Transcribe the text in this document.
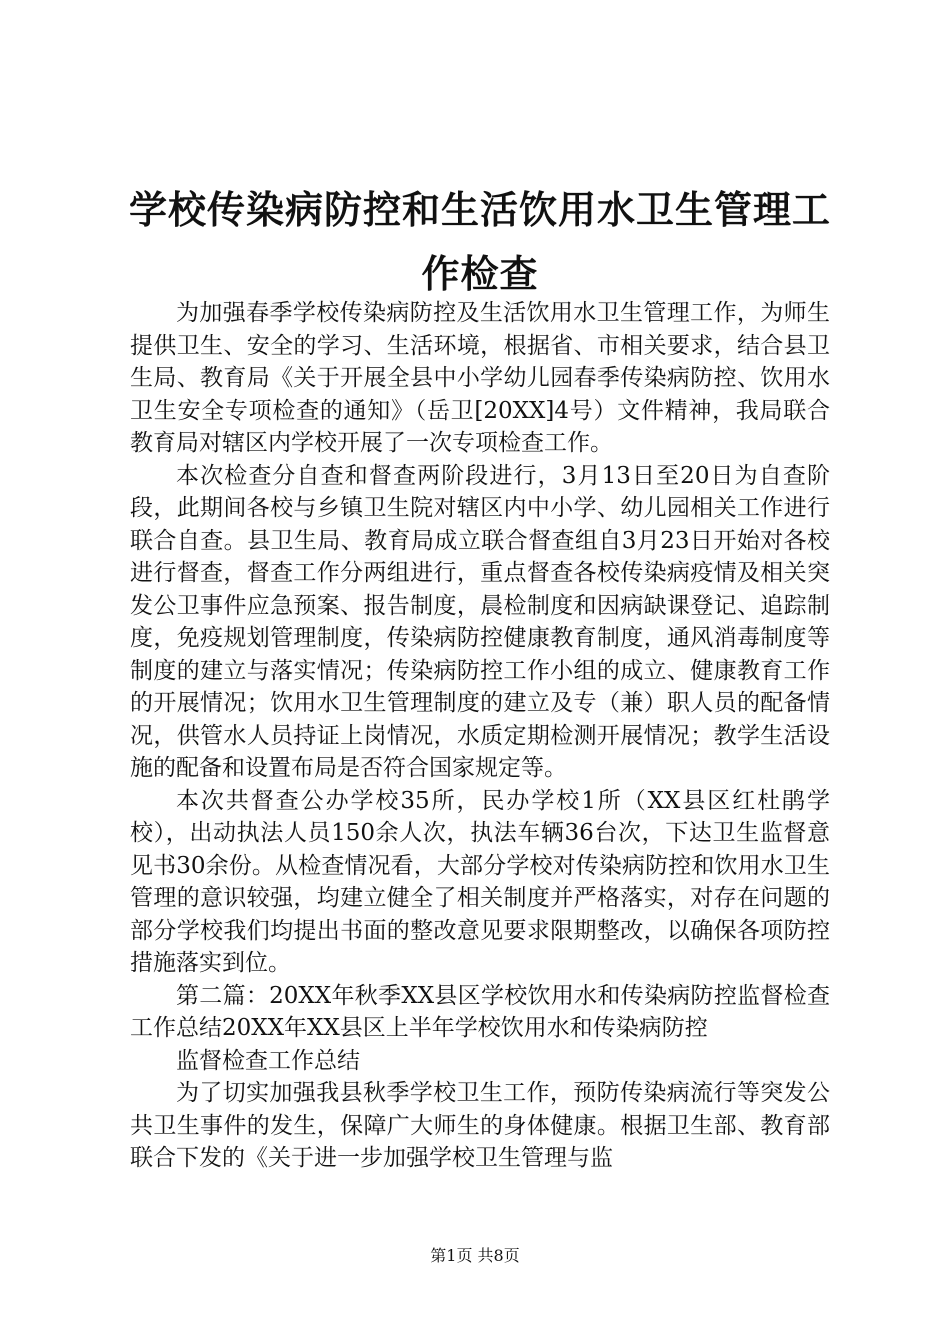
学校传染病防控和生活饮用水卫生管理工作检查

为加强春季学校传染病防控及生活饮用水卫生管理工作，为师生提供卫生、安全的学习、生活环境，根据省、市相关要求，结合县卫生局、教育局《关于开展全县中小学幼儿园春季传染病防控、饮用水卫生安全专项检查的通知》（岳卫[20XX]4号）文件精神，我局联合教育局对辖区内学校开展了一次专项检查工作。

本次检查分自查和督查两阶段进行，3月13日至20日为自查阶段，此期间各校与乡镇卫生院对辖区内中小学、幼儿园相关工作进行联合自查。县卫生局、教育局成立联合督查组自3月23日开始对各校进行督查，督查工作分两组进行，重点督查各校传染病疫情及相关突发公卫事件应急预案、报告制度，晨检制度和因病缺课登记、追踪制度，免疫规划管理制度，传染病防控健康教育制度，通风消毒制度等制度的建立与落实情况；传染病防控工作小组的成立、健康教育工作的开展情况；饮用水卫生管理制度的建立及专（兼）职人员的配备情况，供管水人员持证上岗情况，水质定期检测开展情况；教学生活设施的配备和设置布局是否符合国家规定等。

本次共督查公办学校35所，民办学校1所（XX县区红杜鹃学校），出动执法人员150余人次，执法车辆36台次，下达卫生监督意见书30余份。从检查情况看，大部分学校对传染病防控和饮用水卫生管理的意识较强，均建立健全了相关制度并严格落实，对存在问题的部分学校我们均提出书面的整改意见要求限期整改，以确保各项防控措施落实到位。

第二篇：20XX年秋季XX县区学校饮用水和传染病防控监督检查工作总结20XX年XX县区上半年学校饮用水和传染病防控

监督检查工作总结

为了切实加强我县秋季学校卫生工作，预防传染病流行等突发公共卫生事件的发生，保障广大师生的身体健康。根据卫生部、教育部联合下发的《关于进一步加强学校卫生管理与监

第1页 共8页
